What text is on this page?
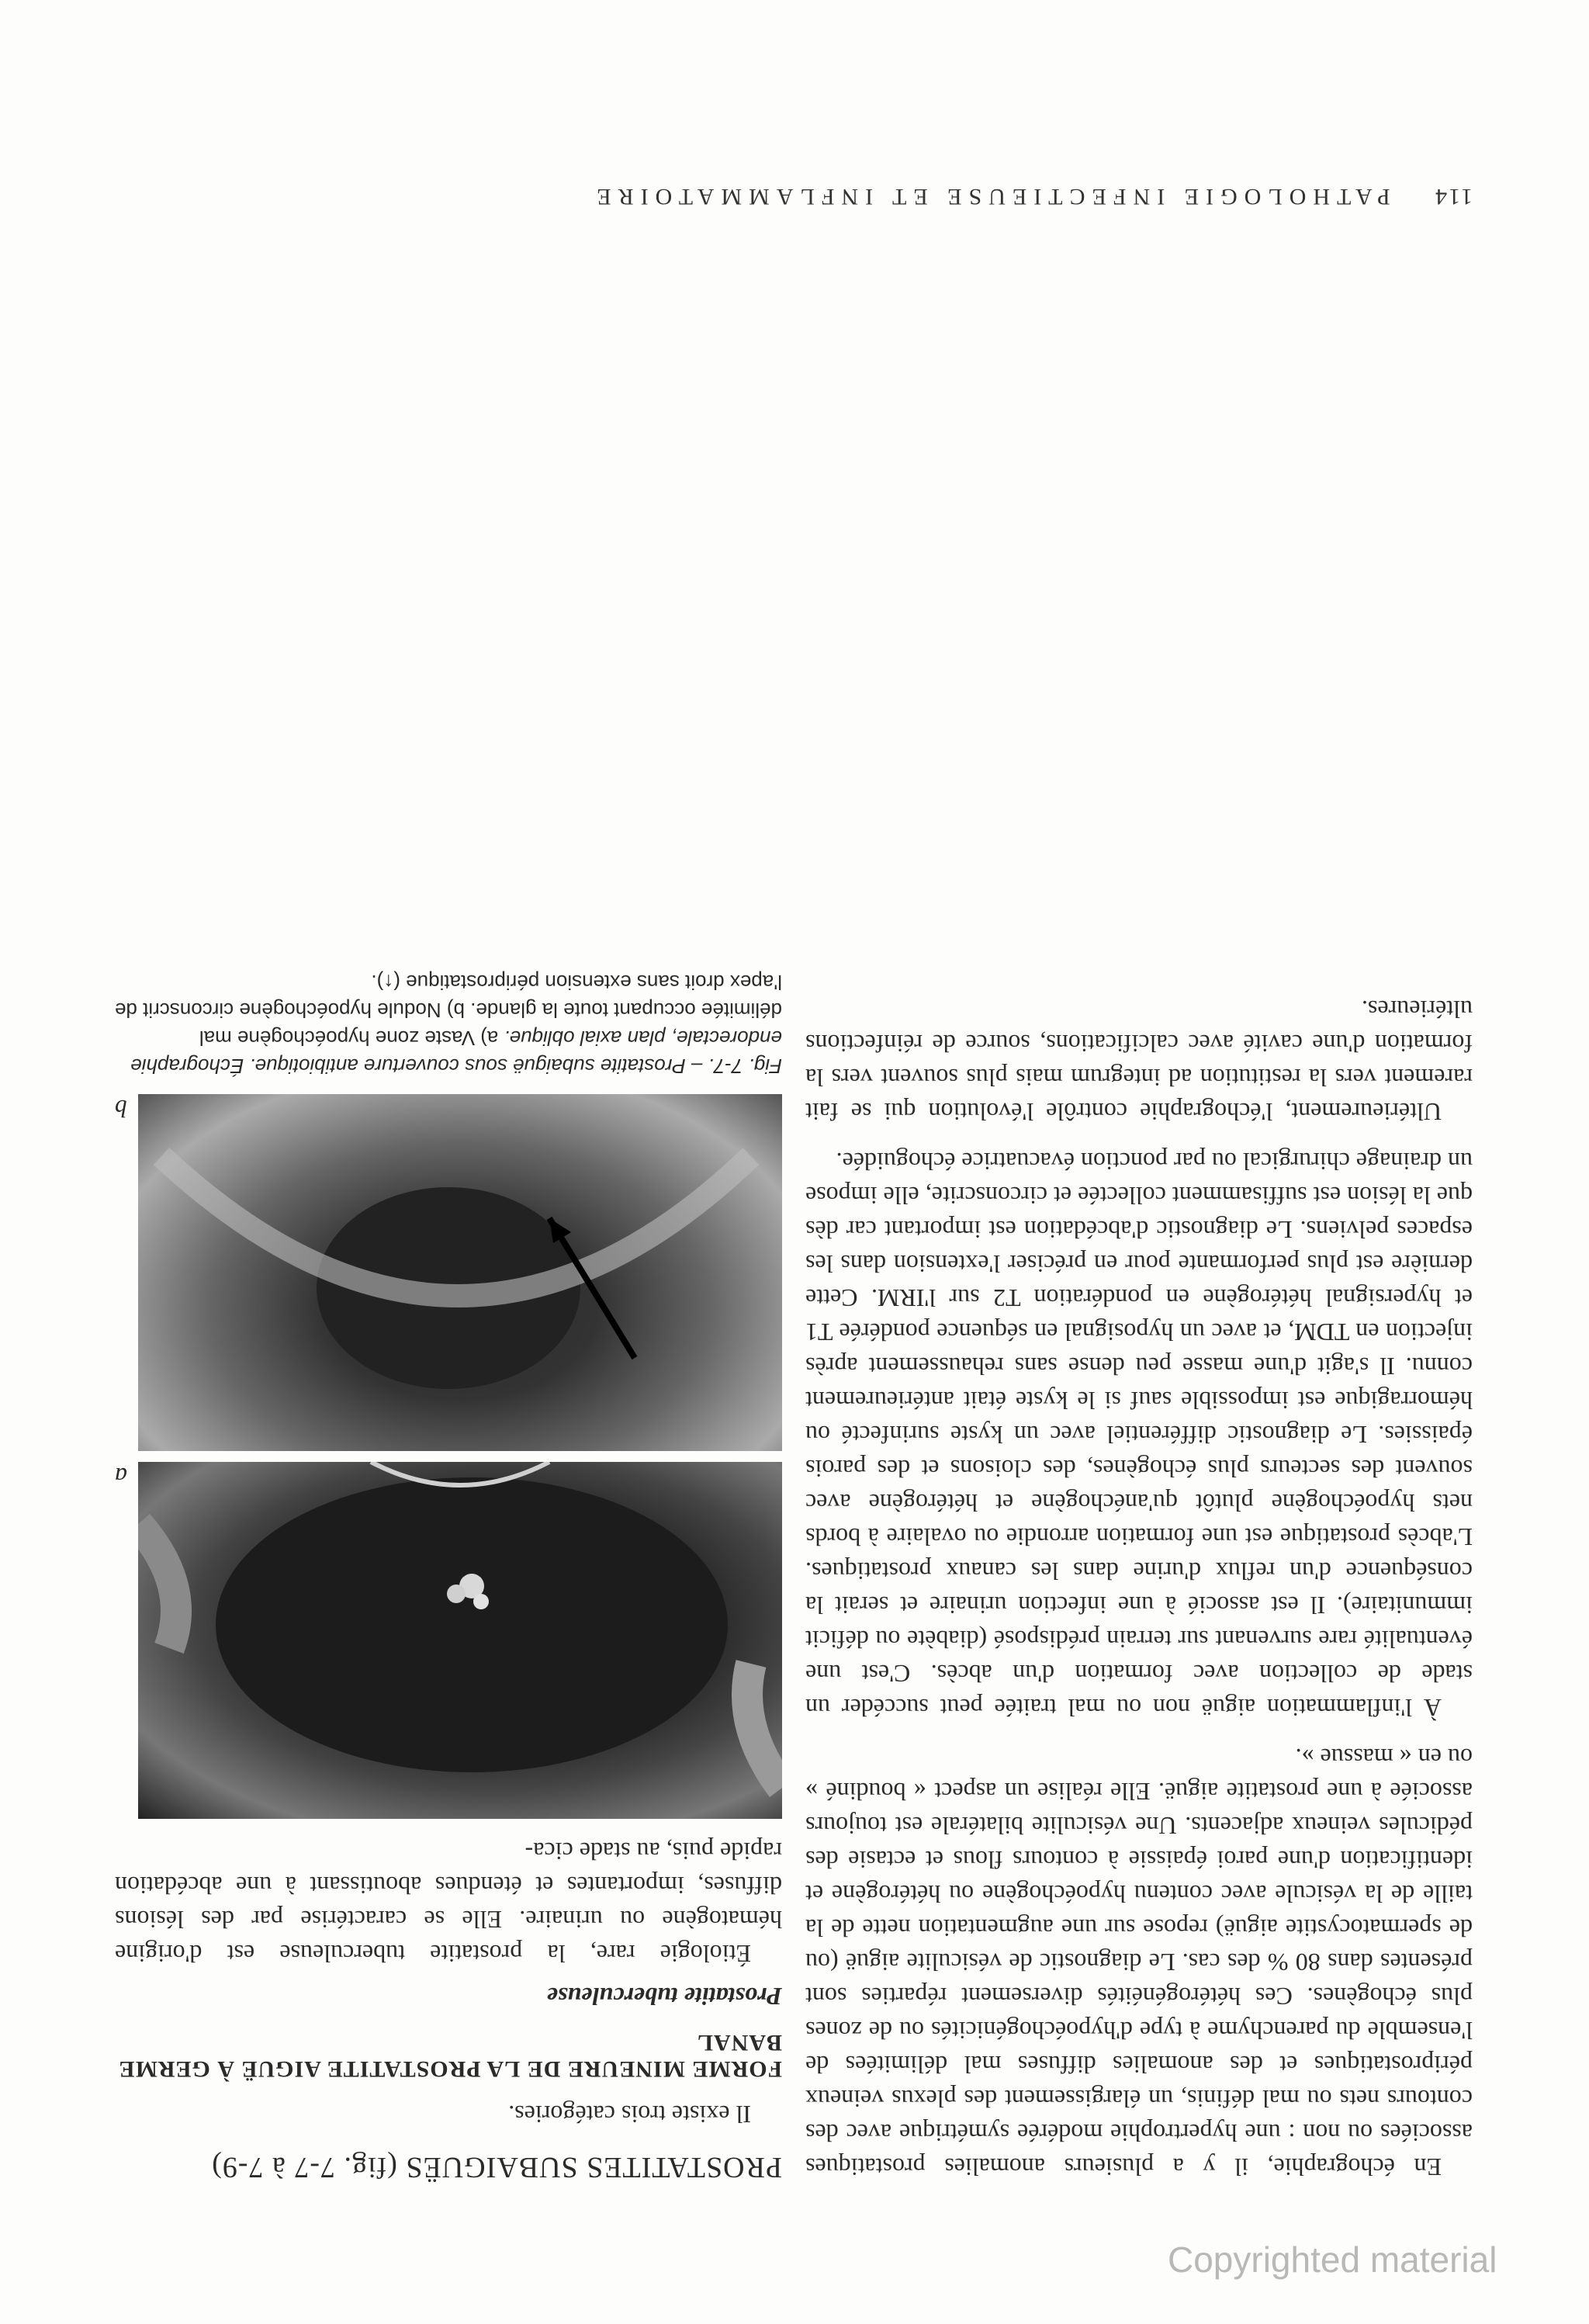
114 PATHOLOGIE INFECTIEUSE ET INFLAMMATOIRE

En échographie, il y a plusieurs anomalies prostatiques associées ou non : une hypertrophie modérée symétrique avec des contours nets ou mal définis, un élargissement des plexus veineux périprostatiques et des anomalies diffuses mal délimitées de l'ensemble du parenchyme à type d'hypoéchogénicités ou de zones plus échogènes. Ces hétérogénéités diversement réparties sont présentes dans 80 % des cas. Le diagnostic de vésiculite aiguë (ou de spermatocystite aiguë) repose sur une augmentation nette de la taille de la vésicule avec contenu hypoéchogène ou hétérogène et identification d'une paroi épaissie à contours flous et ectasie des pédicules veineux adjacents. Une vésiculite bilatérale est toujours associée à une prostatite aiguë. Elle réalise un aspect « boudiné » ou en « massue ».

À l'inflammation aiguë non ou mal traitée peut succéder un stade de collection avec formation d'un abcès. C'est une éventualité rare survenant sur terrain prédisposé (diabète ou déficit immunitaire). Il est associé à une infection urinaire et serait la conséquence d'un reflux d'urine dans les canaux prostatiques. L'abcès prostatique est une formation arrondie ou ovalaire à bords nets hypoéchogène plutôt qu'anéchogène et hétérogène avec souvent des secteurs plus échogènes, des cloisons et des parois épaissies. Le diagnostic différentiel avec un kyste surinfecté ou hémorragique est impossible sauf si le kyste était antérieurement connu. Il s'agit d'une masse peu dense sans rehaussement après injection en TDM, et avec un hyposignal en séquence pondérée T1 et hypersignal hétérogène en pondération T2 sur l'IRM. Cette dernière est plus performante pour en préciser l'extension dans les espaces pelviens. Le diagnostic d'abcédation est important car dès que la lésion est suffisamment collectée et circonscrite, elle impose un drainage chirurgical ou par ponction évacuatrice échoguidée.

Ultérieurement, l'échographie contrôle l'évolution qui se fait rarement vers la restitution ad integrum mais plus souvent vers la formation d'une cavité avec calcifications, source de réinfections ultérieures.

PROSTATITES SUBAIGUËS (fig. 7-7 à 7-9)

Il existe trois catégories.

FORME MINEURE DE LA PROSTATITE AIGUË À GERME BANAL
Prostatite tuberculeuse

Étiologie rare, la prostatite tuberculeuse est d'origine hématogène ou urinaire. Elle se caractérise par des lésions diffuses, importantes et étendues aboutissant à une abcédation rapide puis, au stade cica-

a
b

Fig. 7-7. – Prostatite subaiguë sous couverture antibiotique. Échographie endorectale, plan axial oblique. a) Vaste zone hypoéchogène mal délimitée occupant toute la glande. b) Nodule hypoéchogène circonscrit de l'apex droit sans extension périprostatique (↑).

Copyrighted material
